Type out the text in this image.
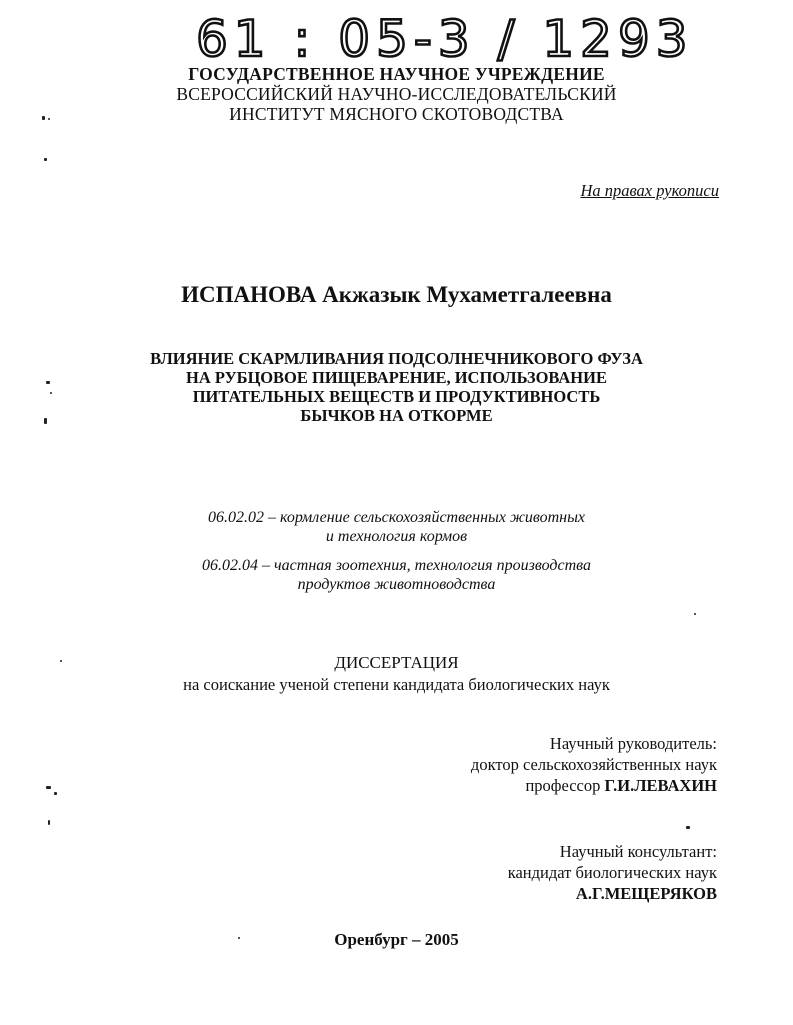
61 : 05-3 / 1293
ГОСУДАРСТВЕННОЕ НАУЧНОЕ УЧРЕЖДЕНИЕ
ВСЕРОССИЙСКИЙ НАУЧНО-ИССЛЕДОВАТЕЛЬСКИЙ
ИНСТИТУТ МЯСНОГО СКОТОВОДСТВА
На правах рукописи
ИСПАНОВА Акжазык Мухаметгалеевна
ВЛИЯНИЕ СКАРМЛИВАНИЯ ПОДСОЛНЕЧНИКОВОГО ФУЗА
НА РУБЦОВОЕ ПИЩЕВАРЕНИЕ, ИСПОЛЬЗОВАНИЕ
ПИТАТЕЛЬНЫХ ВЕЩЕСТВ И ПРОДУКТИВНОСТЬ
БЫЧКОВ НА ОТКОРМЕ
06.02.02 – кормление сельскохозяйственных животных
и технология кормов
06.02.04 – частная зоотехния, технология производства
продуктов животноводства
ДИССЕРТАЦИЯ
на соискание ученой степени кандидата биологических наук
Научный руководитель:
доктор сельскохозяйственных наук
профессор Г.И.ЛЕВАХИН
Научный консультант:
кандидат биологических наук
А.Г.МЕЩЕРЯКОВ
Оренбург – 2005
